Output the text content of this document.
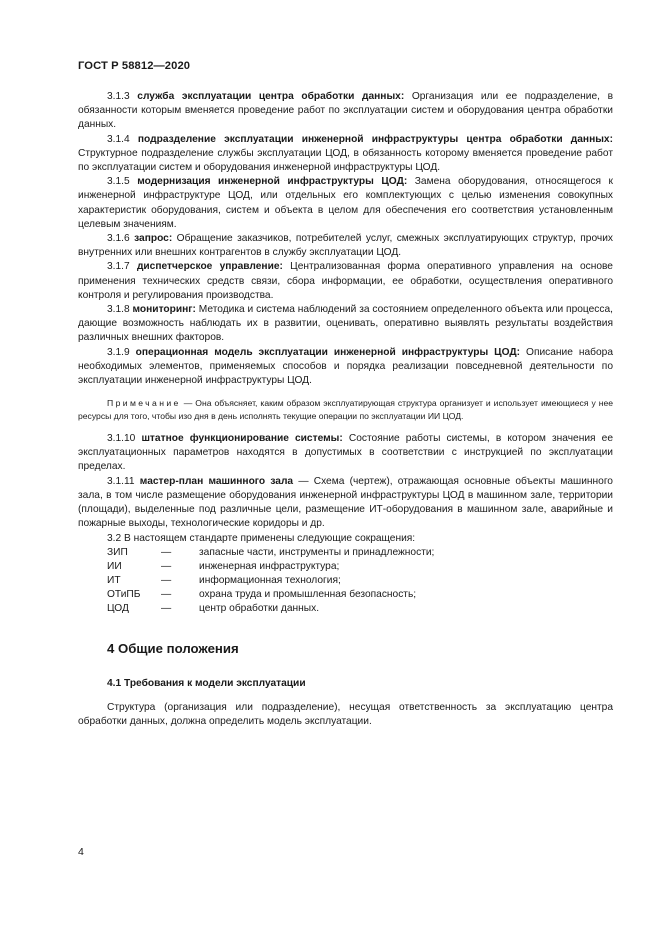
ГОСТ Р 58812—2020

3.1.3 служба эксплуатации центра обработки данных: Организация или ее подразделение, в обязанности которым вменяется проведение работ по эксплуатации систем и оборудования центра обработки данных.

3.1.4 подразделение эксплуатации инженерной инфраструктуры центра обработки данных: Структурное подразделение службы эксплуатации ЦОД, в обязанность которому вменяется проведение работ по эксплуатации систем и оборудования инженерной инфраструктуры ЦОД.

3.1.5 модернизация инженерной инфраструктуры ЦОД: Замена оборудования, относящегося к инженерной инфраструктуре ЦОД, или отдельных его комплектующих с целью изменения совокупных характеристик оборудования, систем и объекта в целом для обеспечения его соответствия установленным целевым значениям.

3.1.6 запрос: Обращение заказчиков, потребителей услуг, смежных эксплуатирующих структур, прочих внутренних или внешних контрагентов в службу эксплуатации ЦОД.

3.1.7 диспетчерское управление: Централизованная форма оперативного управления на основе применения технических средств связи, сбора информации, ее обработки, осуществления оперативного контроля и регулирования производства.

3.1.8 мониторинг: Методика и система наблюдений за состоянием определенного объекта или процесса, дающие возможность наблюдать их в развитии, оценивать, оперативно выявлять результаты воздействия различных внешних факторов.

3.1.9 операционная модель эксплуатации инженерной инфраструктуры ЦОД: Описание набора необходимых элементов, применяемых способов и порядка реализации повседневной деятельности по эксплуатации инженерной инфраструктуры ЦОД.

Примечание — Она объясняет, каким образом эксплуатирующая структура организует и использует имеющиеся у нее ресурсы для того, чтобы изо дня в день исполнять текущие операции по эксплуатации ИИ ЦОД.

3.1.10 штатное функционирование системы: Состояние работы системы, в котором значения ее эксплуатационных параметров находятся в допустимых в соответствии с инструкцией по эксплуатации пределах.

3.1.11 мастер-план машинного зала — Схема (чертеж), отражающая основные объекты машинного зала, в том числе размещение оборудования инженерной инфраструктуры ЦОД в машинном зале, территории (площади), выделенные под различные цели, размещение ИТ-оборудования в машинном зале, аварийные и пожарные выходы, технологические коридоры и др.

3.2 В настоящем стандарте применены следующие сокращения:

ЗИП	—	запасные части, инструменты и принадлежности;
ИИ	—	инженерная инфраструктура;
ИТ	—	информационная технология;
ОТиПБ —	охрана труда и промышленная безопасность;
ЦОД	—	центр обработки данных.
4 Общие положения
4.1 Требования к модели эксплуатации

Структура (организация или подразделение), несущая ответственность за эксплуатацию центра обработки данных, должна определить модель эксплуатации.

4
